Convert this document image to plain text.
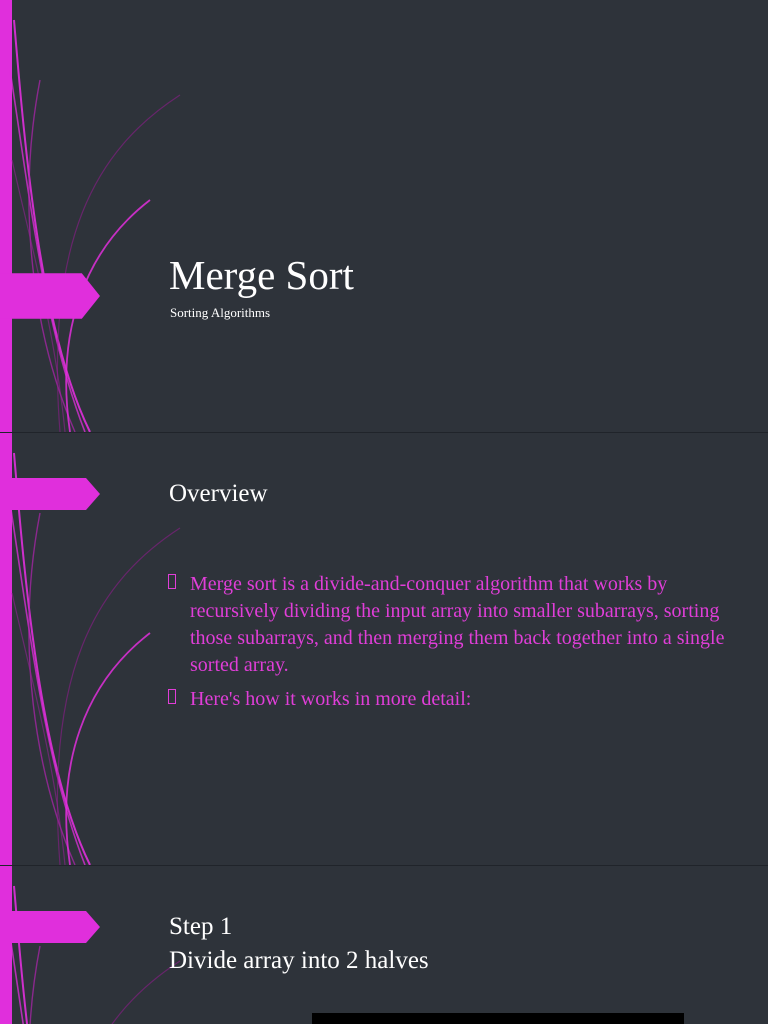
Merge Sort
Sorting Algorithms
Overview
Merge sort is a divide-and-conquer algorithm that works by recursively dividing the input array into smaller subarrays, sorting those subarrays, and then merging them back together into a single sorted array.
Here's how it works in more detail:
Step 1
Divide array into 2 halves
